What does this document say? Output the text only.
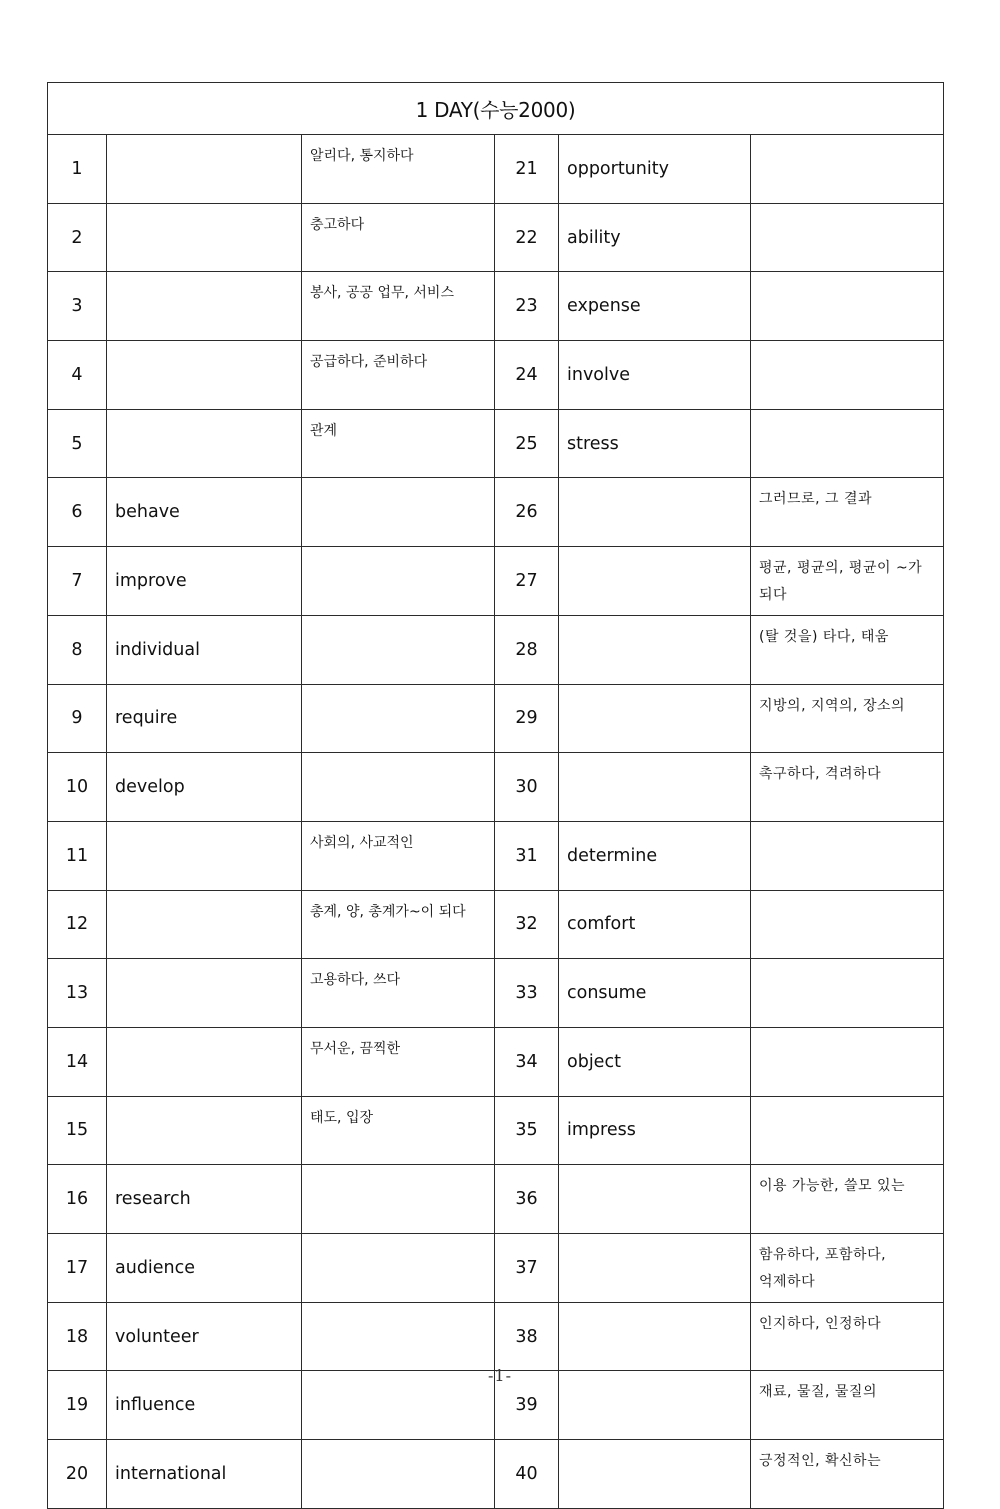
1 DAY(수능2000)					
1		알리다, 통지하다	21	opportunity	
2		충고하다	22	ability	
3		봉사, 공공 업무, 서비스	23	expense	
4		공급하다, 준비하다	24	involve	
5		관계	25	stress	
6	behave		26		그러므로, 그 결과
7	improve		27		평균, 평균의, 평균이 ~가 되다
8	individual		28		(탈 것을) 타다, 태움
9	require		29		지방의, 지역의, 장소의
10	develop		30		촉구하다, 격려하다
11		사회의, 사교적인	31	determine	
12		총계, 양, 총계가~이 되다	32	comfort	
13		고용하다, 쓰다	33	consume	
14		무서운, 끔찍한	34	object	
15		태도, 입장	35	impress	
16	research		36		이용 가능한, 쓸모 있는
17	audience		37		함유하다, 포함하다, 억제하다
18	volunteer		38		인지하다, 인정하다
19	influence		39		재료, 물질, 물질의
20	international		40		긍정적인, 확신하는
-1-
